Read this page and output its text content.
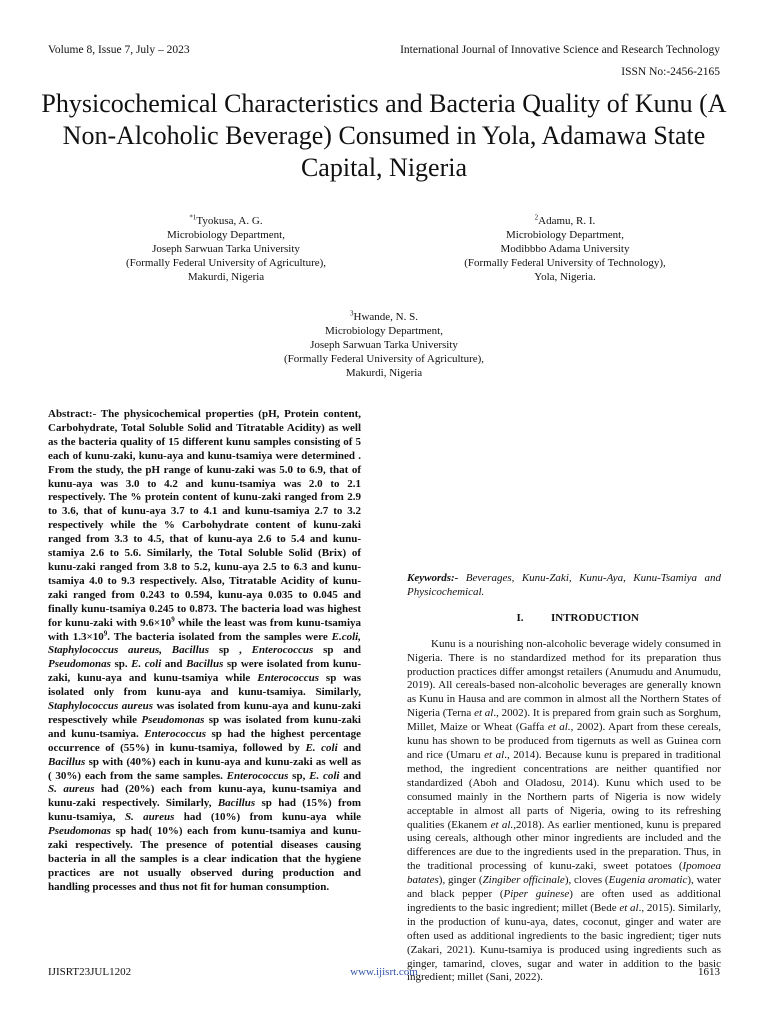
Volume 8, Issue 7, July – 2023	International Journal of Innovative Science and Research Technology
ISSN No:-2456-2165
Physicochemical Characteristics and Bacteria Quality of Kunu (A Non-Alcoholic Beverage) Consumed in Yola, Adamawa State Capital, Nigeria
$^{*1}$Tyokusa, A. G.
Microbiology Department,
Joseph Sarwuan Tarka University
(Formally Federal University of Agriculture),
Makurdi, Nigeria
$^2$Adamu, R. I.
Microbiology Department,
Modibbbo Adama University
(Formally Federal University of Technology),
Yola, Nigeria.
$^3$Hwande, N. S.
Microbiology Department,
Joseph Sarwuan Tarka University
(Formally Federal University of Agriculture),
Makurdi, Nigeria

Abstract:- The physicochemical properties (pH, Protein content, Carbohydrate, Total Soluble Solid and Titratable Acidity) as well as the bacteria quality of 15 different kunu samples consisting of 5 each of kunu-zaki, kunu-aya and kunu-tsamiya were determined . From the study, the pH range of kunu-zaki was 5.0 to 6.9, that of kunu-aya was 3.0 to 4.2 and kunu-tsamiya was 2.0 to 2.1 respectively. The % protein content of kunu-zaki ranged from 2.9 to 3.6, that of kunu-aya 3.7 to 4.1 and kunu-tsamiya 2.7 to 3.2 respectively while the % Carbohydrate content of kunu-zaki ranged from 3.3 to 4.5, that of kunu-aya 2.6 to 5.4 and kunu-stamiya 2.6 to 5.6. Similarly, the Total Soluble Solid (Brix) of kunu-zaki ranged from 3.8 to 5.2, kunu-aya 2.5 to 6.3 and kunu-tsamiya 4.0 to 9.3 respectively. Also, Titratable Acidity of kunu-zaki ranged from 0.243 to 0.594, kunu-aya 0.035 to 0.045 and finally kunu-tsamiya 0.245 to 0.873. The bacteria load was highest for kunu-zaki with $9.6\times 10^9$ while the least was from kunu-tsamiya with $1.3\times 10^9$. The bacteria isolated from the samples were E.coli, Staphylococcus aureus, Bacillus sp , Enterococcus sp and Pseudomonas sp. E. coli and Bacillus sp were isolated from kunu-zaki, kunu-aya and kunu-tsamiya while Enterococcus sp was isolated only from kunu-aya and kunu-tsamiya. Similarly, Staphylococcus aureus was isolated from kunu-aya and kunu-zaki respesctively while Pseudomonas sp was isolated from kunu-zaki and kunu-tsamiya. Enterococcus sp had the highest percentage occurrence of (55%) in kunu-tsamiya, followed by E. coli and Bacillus sp with (40%) each in kunu-aya and kunu-zaki as well as ( 30%) each from the same samples. Enterococcus sp, E. coli and S. aureus had (20%) each from kunu-aya, kunu-tsamiya and kunu-zaki respectively. Similarly, Bacillus sp had (15%) from kunu-tsamiya, S. aureus had (10%) from kunu-aya while Pseudomonas sp had( 10%) each from kunu-tsamiya and kunu-zaki respectively. The presence of potential diseases causing bacteria in all the samples is a clear indication that the hygiene practices are not usually observed during production and handling processes and thus not fit for human consumption.

Keywords:- Beverages, Kunu-Zaki, Kunu-Aya, Kunu-Tsamiya and Physicochemical.

I. INTRODUCTION

Kunu is a nourishing non-alcoholic beverage widely consumed in Nigeria. There is no standardized method for its preparation thus production practices differ amongst retailers (Anumudu and Anumudu, 2019). All cereals-based non-alcoholic beverages are generally known as Kunu in Hausa and are common in almost all the Northern States of Nigeria (Terna et al., 2002). It is prepared from grain such as Sorghum, Millet, Maize or Wheat (Gaffa et al., 2002). Apart from these cereals, kunu has shown to be produced from tigernuts as well as Guinea corn and rice (Umaru et al., 2014). Because kunu is prepared in traditional method, the ingredient concentrations are neither quantified nor standardized (Aboh and Oladosu, 2014). Kunu which used to be consumed mainly in the Northern parts of Nigeria is now widely acceptable in almost all parts of Nigeria, owing to its refreshing qualities (Ekanem et al.,2018). As earlier mentioned, kunu is prepared using cereals, although other minor ingredients are included and the differences are due to the ingredients used in the preparation. Thus, in the traditional processing of kunu-zaki, sweet potatoes (Ipomoea batates), ginger (Zingiber officinale), cloves (Eugenia aromatic), water and black pepper (Piper guinese) are often used as additional ingredients to the basic ingredient; millet (Bede et al., 2015). Similarly, in the production of kunu-aya, dates, coconut, ginger and water are often used as additional ingredients to the basic ingredient; tiger nuts (Zakari, 2021). Kunu-tsamiya is produced using ingredients such as ginger, tamarind, cloves, sugar and water in addition to the basic ingredient; millet (Sani, 2022).

IJISRT23JUL1202	www.ijisrt.com	1613
